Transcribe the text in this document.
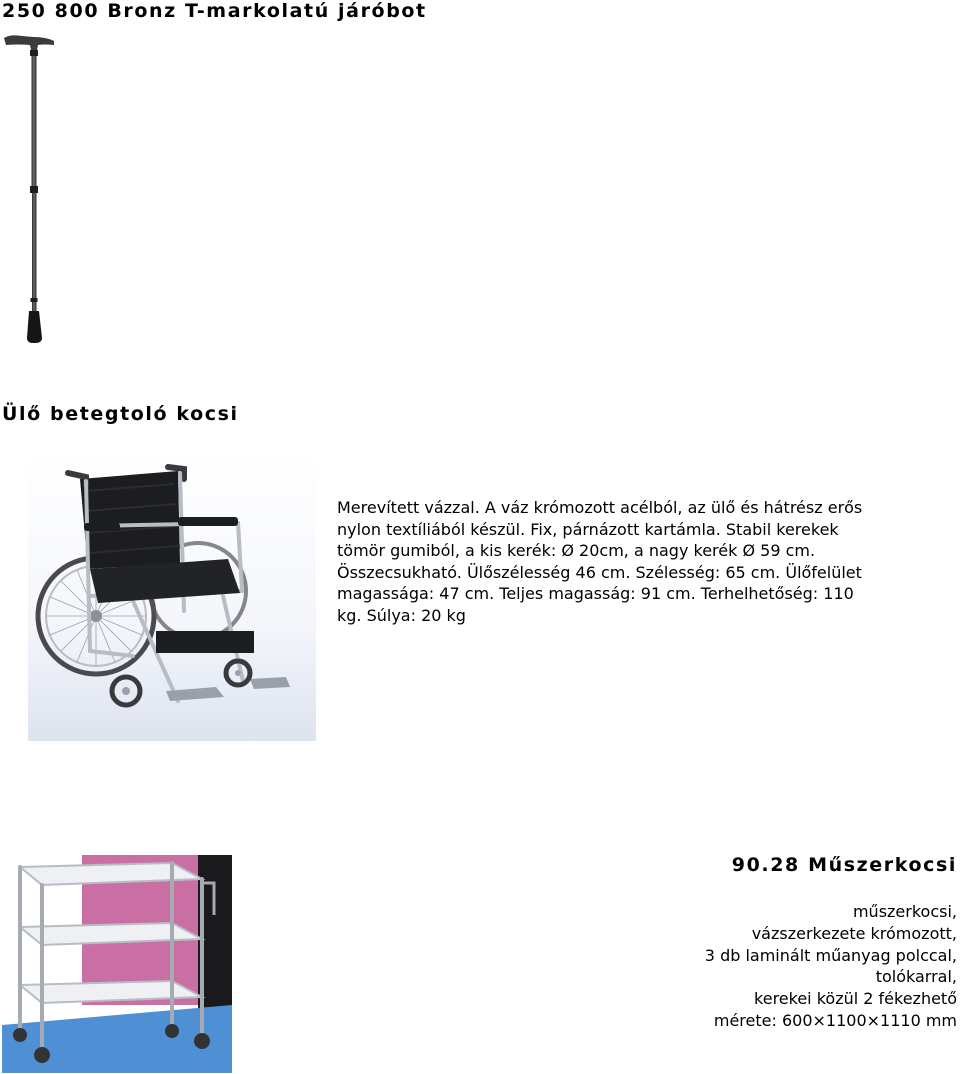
250 800 Bronz T-markolatú járóbot
Ülő betegtoló kocsi
Merevített vázzal. A váz krómozott acélból, az ülő és hátrész erős
nylon textíliából készül. Fix, párnázott kartámla. Stabil kerekek
tömör gumiból, a kis kerék: Ø 20cm, a nagy kerék Ø 59 cm.
Összecsukható. Ülőszélesség 46 cm. Szélesség: 65 cm. Ülőfelület
magassága: 47 cm. Teljes magasság: 91 cm. Terhelhetőség: 110
kg. Súlya: 20 kg
90.28 Műszerkocsi
műszerkocsi,
vázszerkezete krómozott,
3 db laminált műanyag polccal,
tolókarral,
kerekei közül 2 fékezhető
mérete: 600×1100×1110 mm
